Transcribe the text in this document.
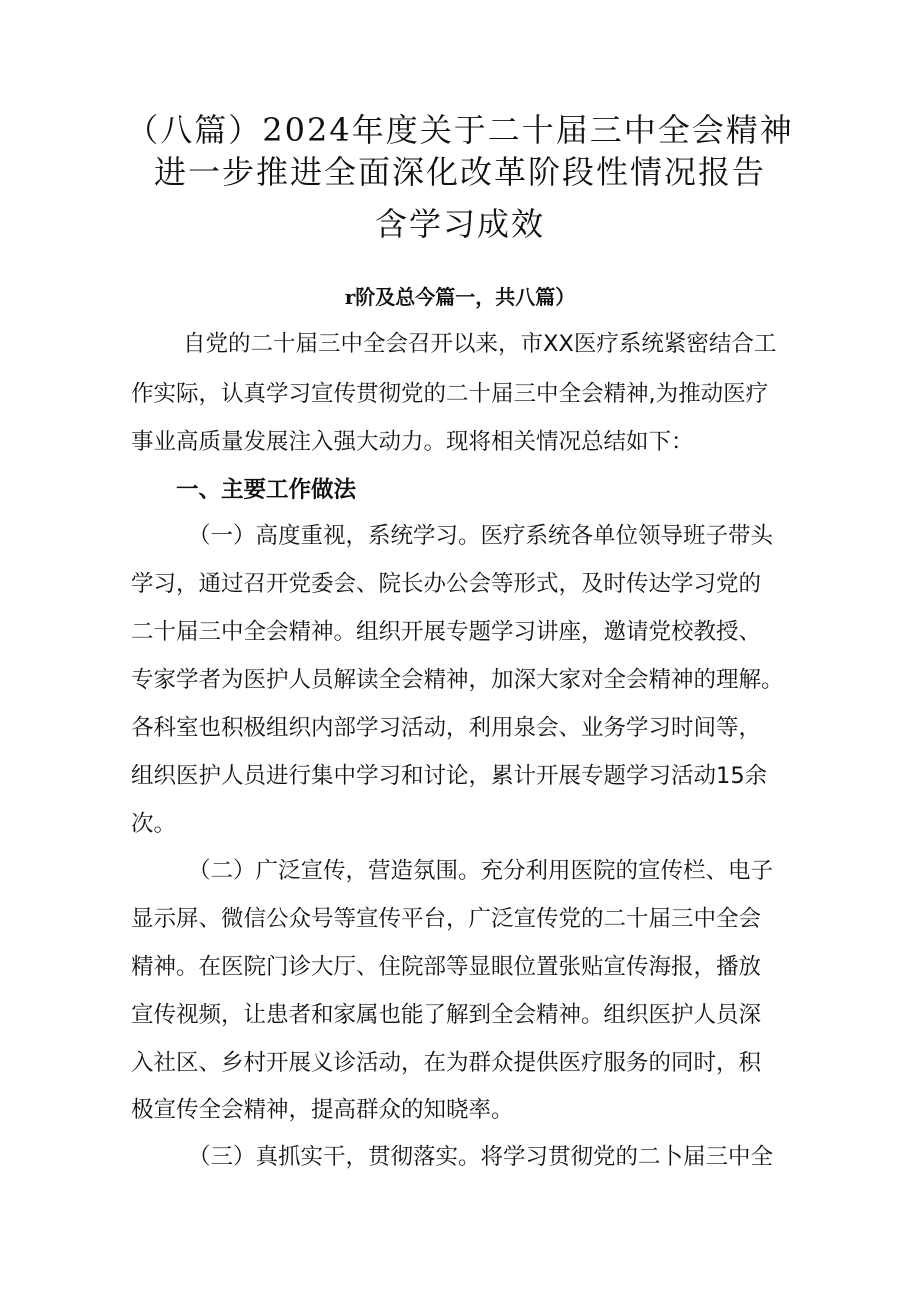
（八篇）2024年度关于二十届三中全会精神
进一步推进全面深化改革阶段性情况报告
含学习成效
r阶及总今篇一，共八篇）
自党的二十届三中全会召开以来，市XX医疗系统紧密结合工
作实际，认真学习宣传贯彻党的二十届三中全会精神,为推动医疗
事业高质量发展注入强大动力。现将相关情况总结如下：
一、主要工作做法
（一）高度重视，系统学习。医疗系统各单位领导班子带头
学习，通过召开党委会、院长办公会等形式，及时传达学习党的
二十届三中全会精神。组织开展专题学习讲座，邀请党校教授、
专家学者为医护人员解读全会精神，加深大家对全会精神的理解。
各科室也积极组织内部学习活动，利用泉会、业务学习时间等，
组织医护人员进行集中学习和讨论，累计开展专题学习活动15余
次。
（二）广泛宣传，营造氛围。充分利用医院的宣传栏、电子
显示屏、微信公众号等宣传平台，广泛宣传党的二十届三中全会
精神。在医院门诊大厅、住院部等显眼位置张贴宣传海报，播放
宣传视频，让患者和家属也能了解到全会精神。组织医护人员深
入社区、乡村开展义诊活动，在为群众提供医疗服务的同时，积
极宣传全会精神，提高群众的知晓率。
（三）真抓实干，贯彻落实。将学习贯彻党的二卜届三中全
